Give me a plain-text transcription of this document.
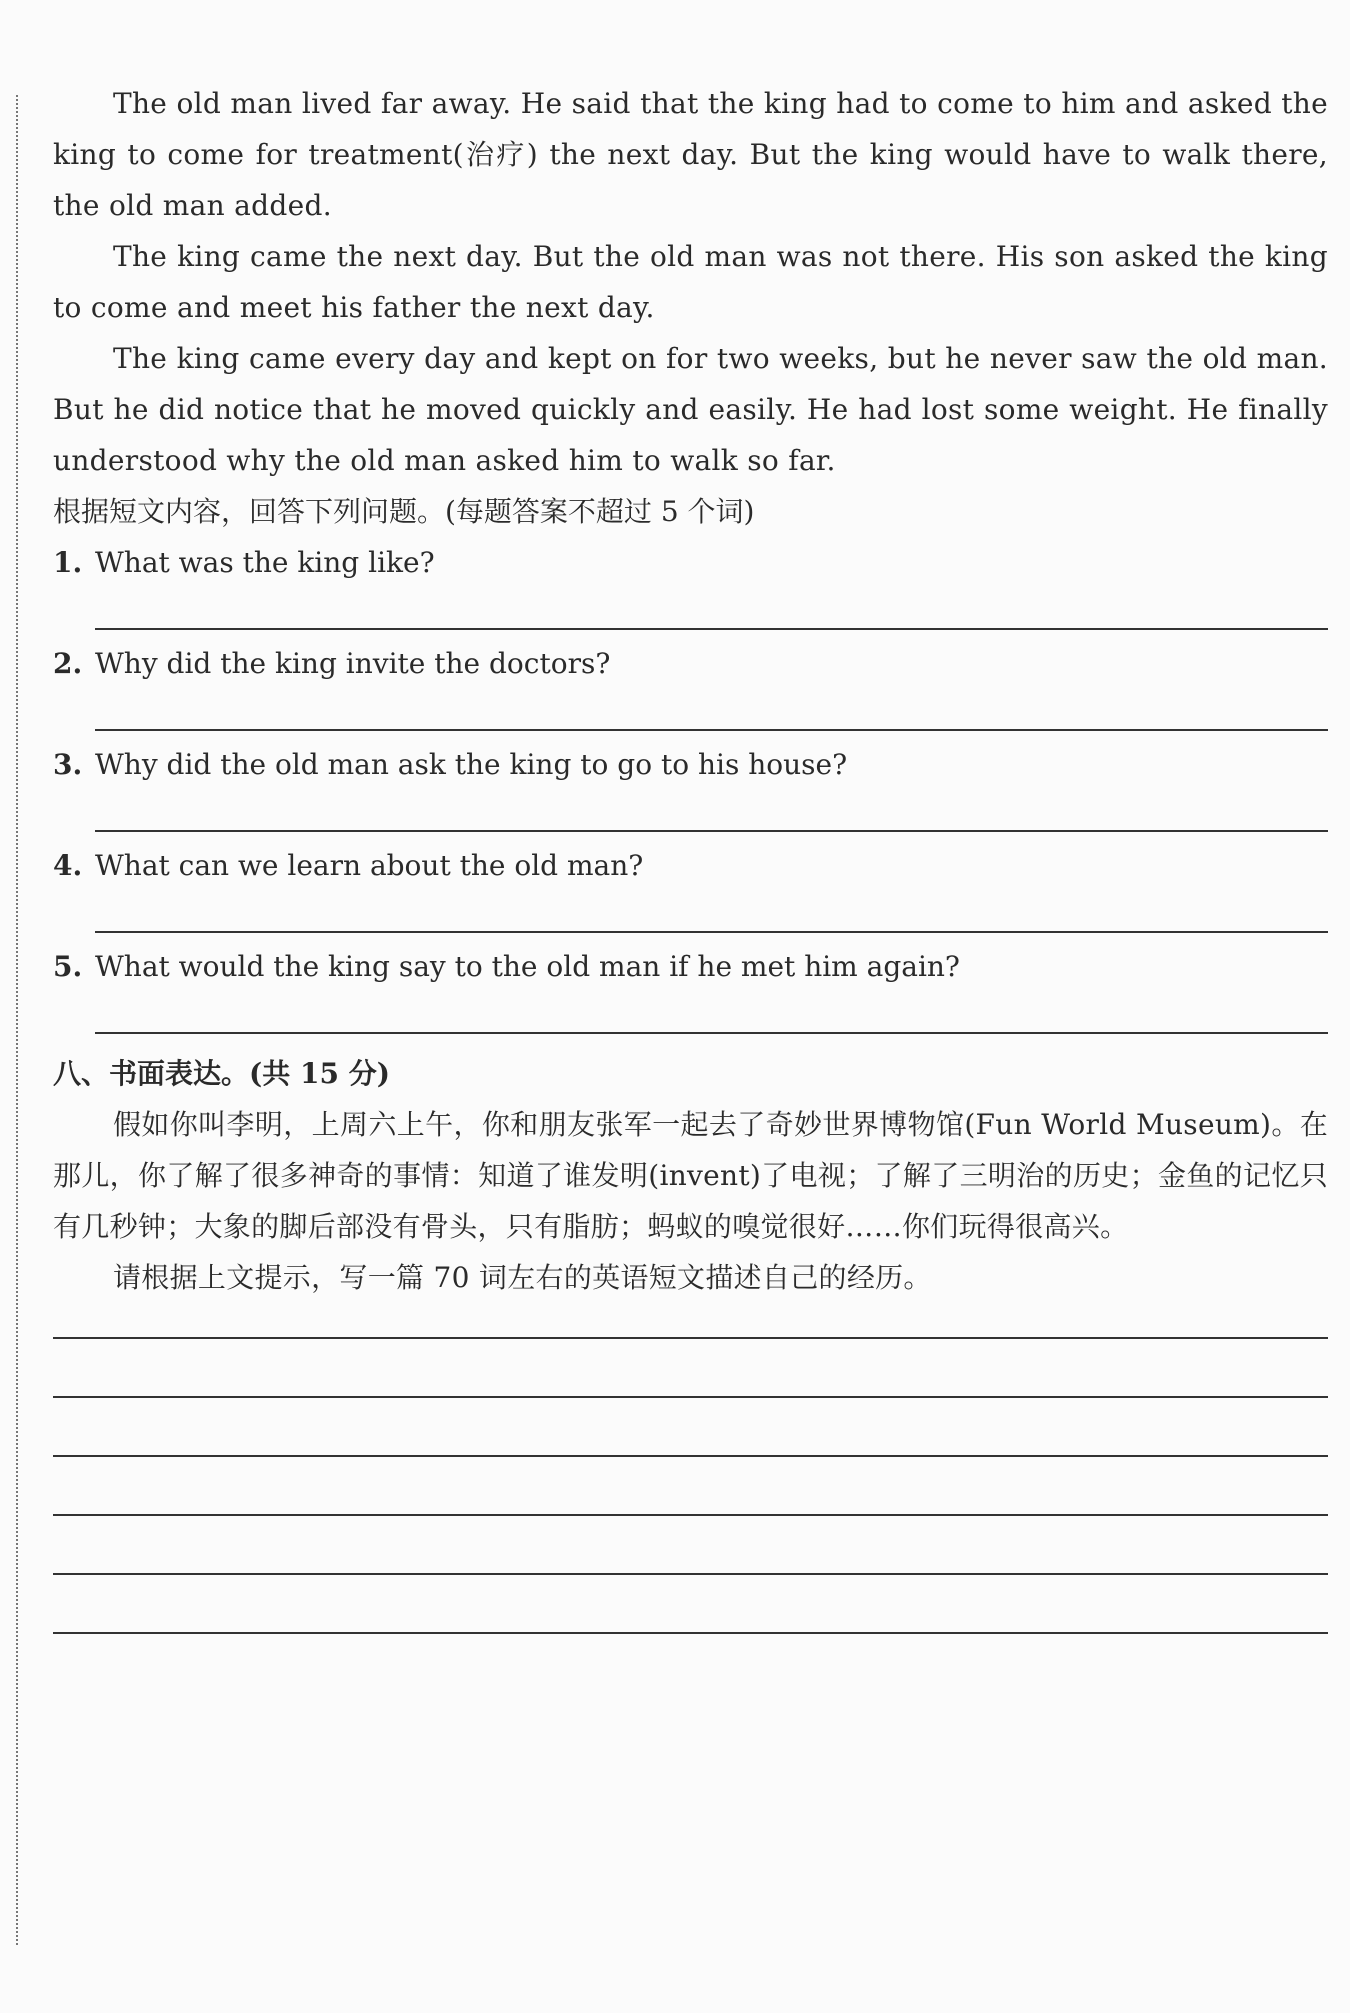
The old man lived far away. He said that the king had to come to him and asked the king to come for treatment(治疗) the next day. But the king would have to walk there, the old man added.

The king came the next day. But the old man was not there. His son asked the king to come and meet his father the next day.

The king came every day and kept on for two weeks, but he never saw the old man. But he did notice that he moved quickly and easily. He had lost some weight. He finally understood why the old man asked him to walk so far.

根据短文内容，回答下列问题。(每题答案不超过 5 个词)

1. What was the king like?
2. Why did the king invite the doctors?
3. Why did the old man ask the king to go to his house?
4. What can we learn about the old man?
5. What would the king say to the old man if he met him again?

八、书面表达。(共 15 分)

假如你叫李明，上周六上午，你和朋友张军一起去了奇妙世界博物馆(Fun World Museum)。在那儿，你了解了很多神奇的事情：知道了谁发明(invent)了电视；了解了三明治的历史；金鱼的记忆只有几秒钟；大象的脚后部没有骨头，只有脂肪；蚂蚁的嗅觉很好……你们玩得很高兴。

请根据上文提示，写一篇 70 词左右的英语短文描述自己的经历。
